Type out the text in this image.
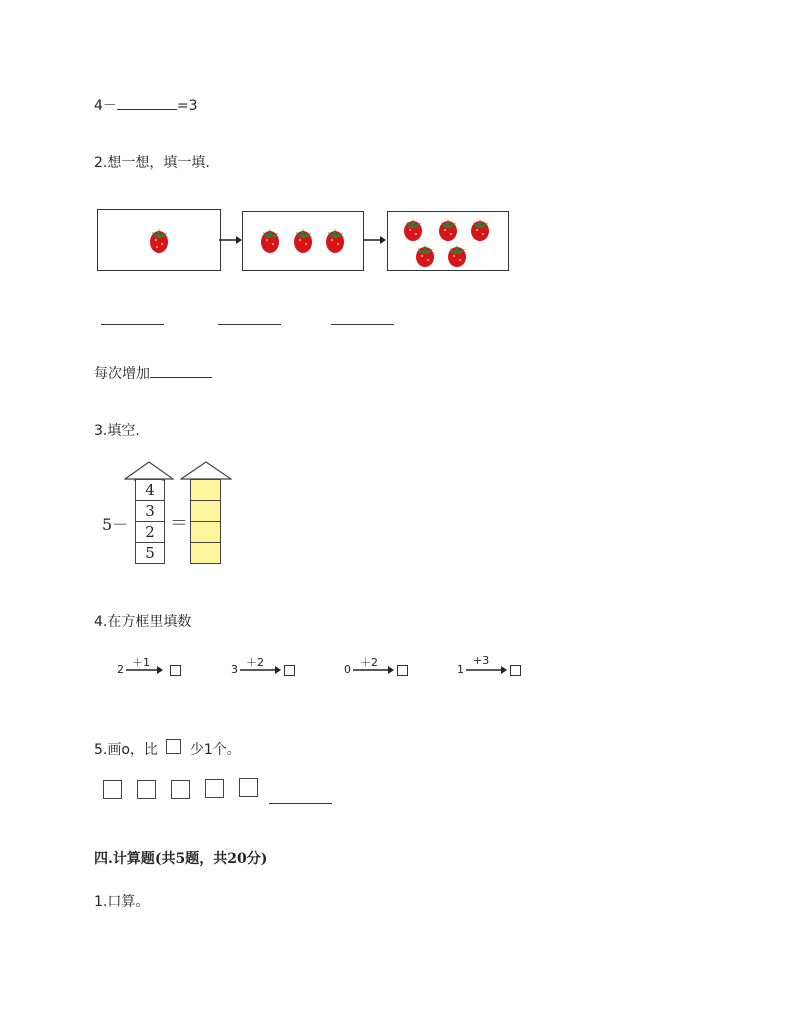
4－	=3
2.想一想，填一填.
每次增加
3.填空.
5－
4
3
2
5
＝
4.在方框里填数
2
＋1
3
＋2
0
＋2
1
+3
5.画o，比 少1个。
四.计算题(共5题，共20分)
1.口算。
